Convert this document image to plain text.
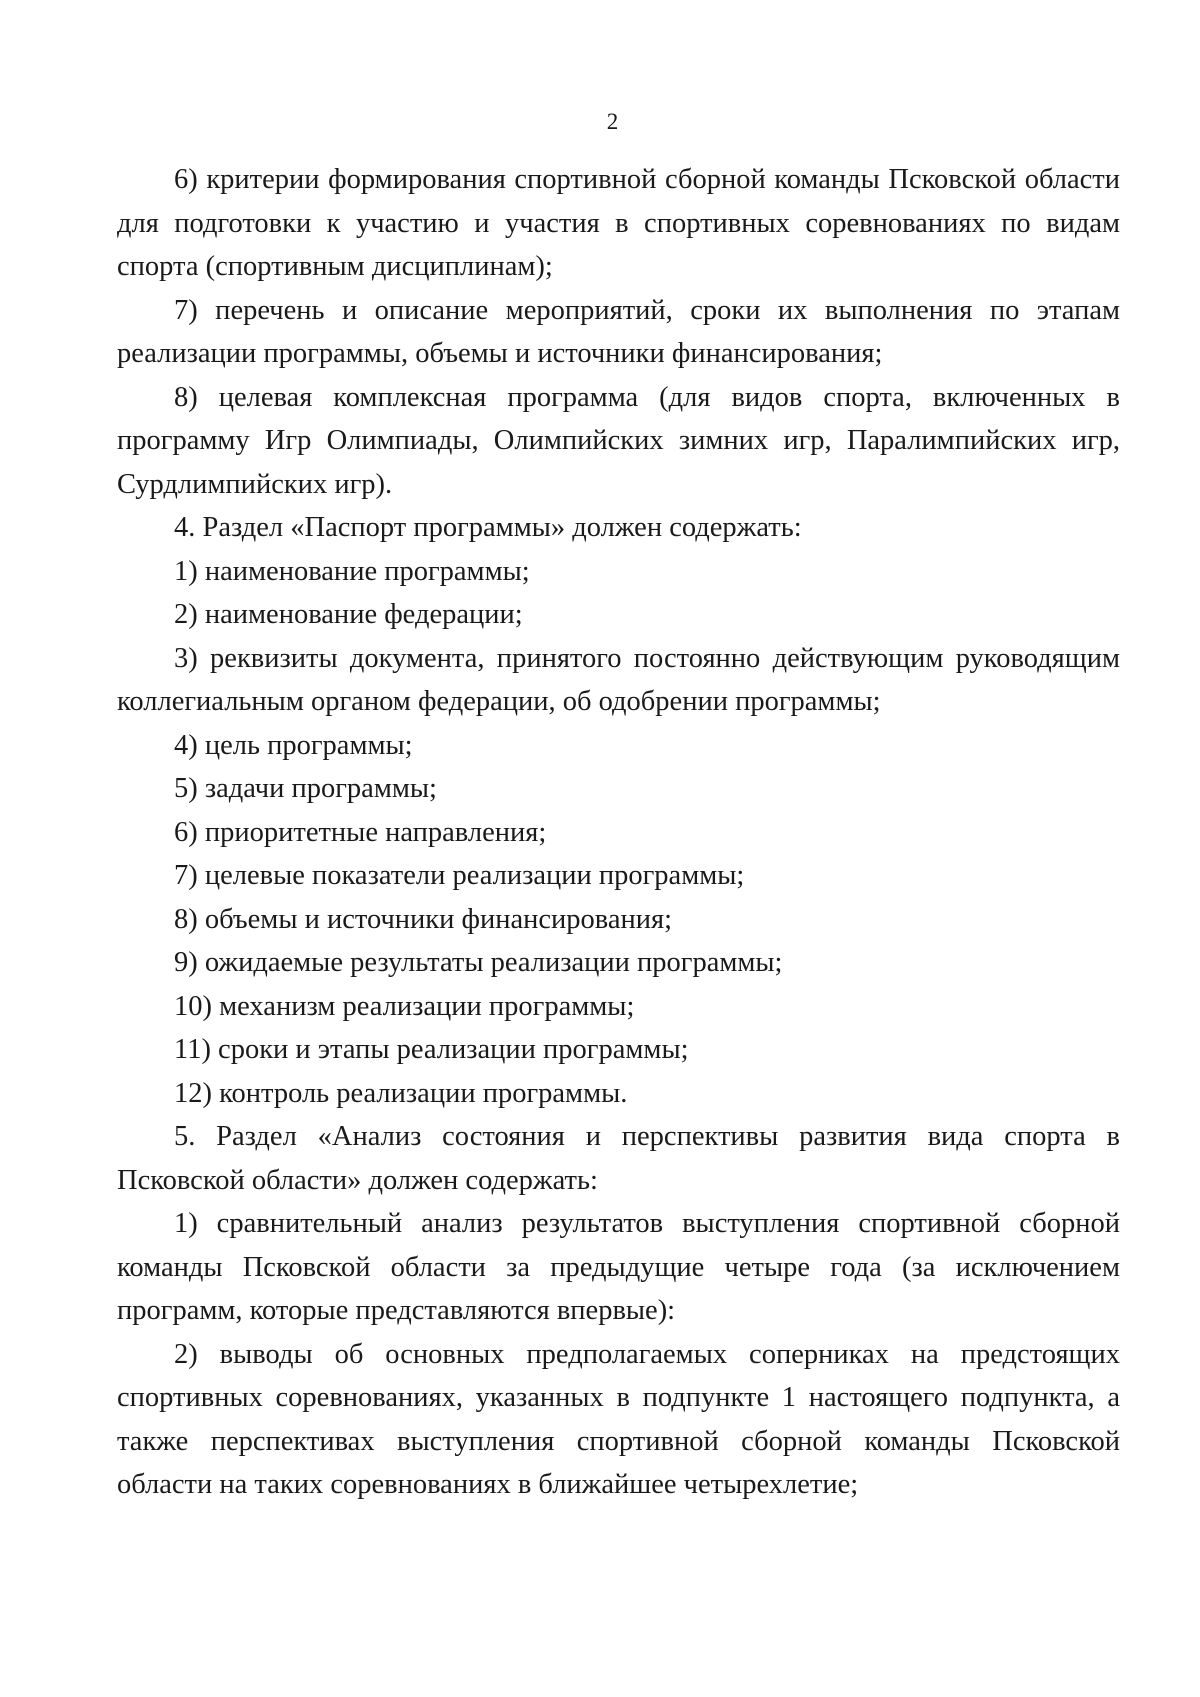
2

6) критерии формирования спортивной сборной команды Псковской области для подготовки к участию и участия в спортивных соревнованиях по видам спорта (спортивным дисциплинам);

7) перечень и описание мероприятий, сроки их выполнения по этапам реализации программы, объемы и источники финансирования;

8) целевая комплексная программа (для видов спорта, включенных в программу Игр Олимпиады, Олимпийских зимних игр, Паралимпийских игр, Сурдлимпийских игр).

4. Раздел «Паспорт программы» должен содержать:

1) наименование программы;

2) наименование федерации;

3) реквизиты документа, принятого постоянно действующим руководящим коллегиальным органом федерации, об одобрении программы;

4) цель программы;

5) задачи программы;

6) приоритетные направления;

7) целевые показатели реализации программы;

8) объемы и источники финансирования;

9) ожидаемые результаты реализации программы;

10) механизм реализации программы;

11) сроки и этапы реализации программы;

12) контроль реализации программы.

5. Раздел «Анализ состояния и перспективы развития вида спорта в Псковской области» должен содержать:

1) сравнительный анализ результатов выступления спортивной сборной команды Псковской области за предыдущие четыре года (за исключением программ, которые представляются впервые):

2) выводы об основных предполагаемых соперниках на предстоящих спортивных соревнованиях, указанных в подпункте 1 настоящего подпункта, а также перспективах выступления спортивной сборной команды Псковской области на таких соревнованиях в ближайшее четырехлетие;
